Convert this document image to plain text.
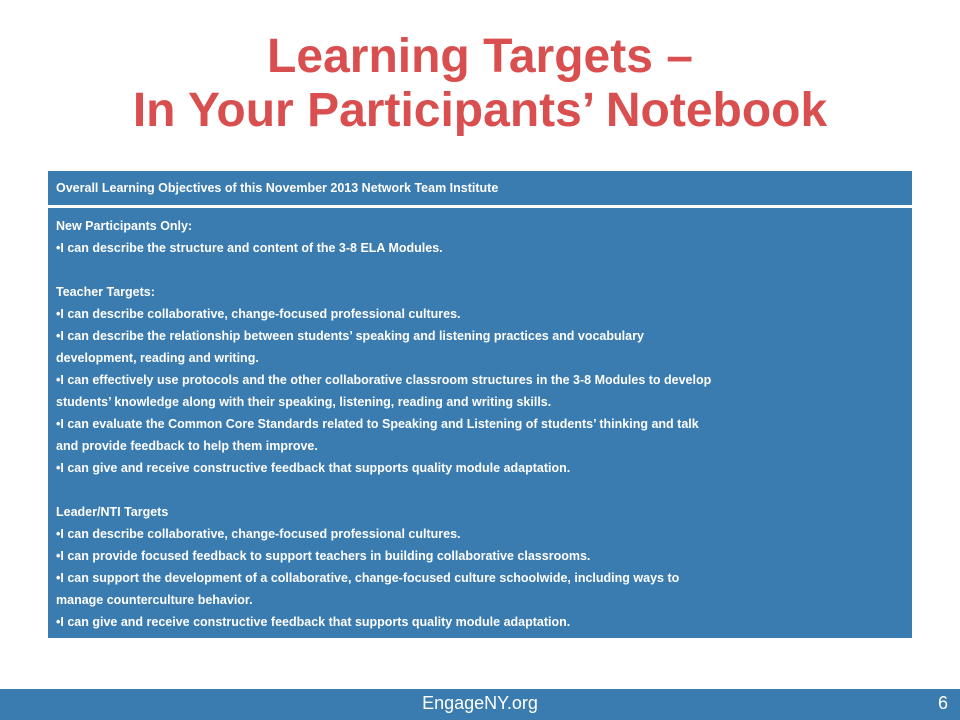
Learning Targets –
In Your Participants’ Notebook
Overall Learning Objectives of this November 2013 Network Team Institute
New Participants Only:
• I can describe the structure and content of the 3-8 ELA Modules.
Teacher Targets:
• I can describe collaborative, change-focused professional cultures.
• I can describe the relationship between students’ speaking and listening practices and vocabulary
development, reading and writing.
• I can effectively use protocols and the other collaborative classroom structures in the 3-8 Modules to develop
students’ knowledge along with their speaking, listening, reading and writing skills.
• I can evaluate the Common Core Standards related to Speaking and Listening of students’ thinking and talk
and provide feedback to help them improve.
• I can give and receive constructive feedback that supports quality module adaptation.
Leader/NTI Targets
• I can describe collaborative, change-focused professional cultures.
• I can provide focused feedback to support teachers in building collaborative classrooms.
• I can support the development of a collaborative, change-focused culture schoolwide, including ways to
manage counterculture behavior.
• I can give and receive constructive feedback that supports quality module adaptation.
EngageNY.org	6
